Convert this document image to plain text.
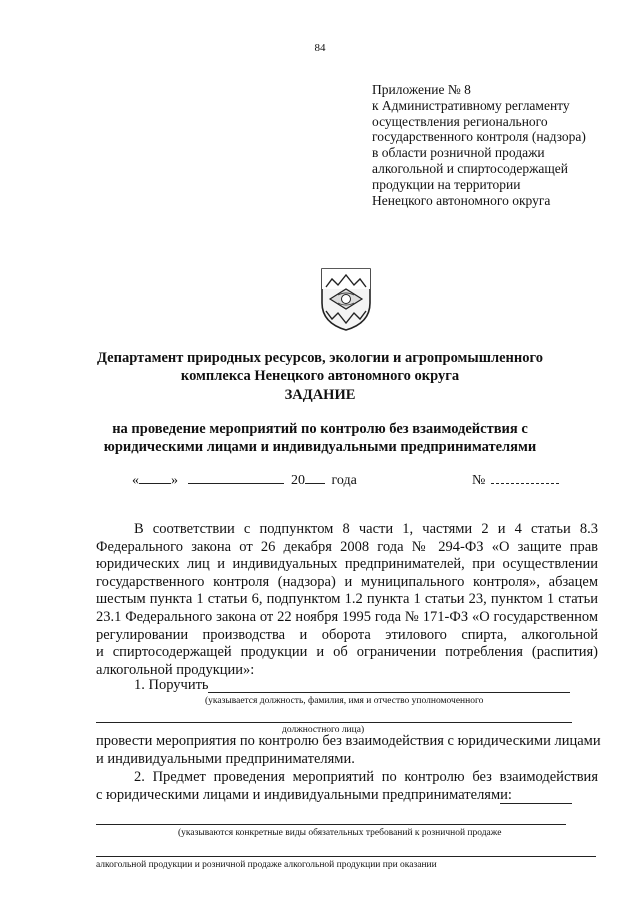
84
Приложение № 8
к Административному регламенту
осуществления регионального
государственного контроля (надзора)
в области розничной продажи
алкогольной и спиртосодержащей
продукции на территории
Ненецкого автономного округа
Департамент природных ресурсов, экологии и агропромышленного
комплекса Ненецкого автономного округа
ЗАДАНИЕ
на проведение мероприятий по контролю без взаимодействия с
юридическими лицами и индивидуальными предпринимателями
« »	20 года	№
В соответствии с подпунктом 8 части 1, частями 2 и 4 статьи 8.3
Федерального закона от 26 декабря 2008 года № 294-ФЗ «О защите прав
юридических лиц и индивидуальных предпринимателей, при осуществлении
государственного контроля (надзора) и муниципального контроля», абзацем
шестым пункта 1 статьи 6, подпунктом 1.2 пункта 1 статьи 23, пунктом 1 статьи
23.1 Федерального закона от 22 ноября 1995 года № 171-ФЗ «О государственном
регулировании производства и оборота этилового спирта, алкогольной
и спиртосодержащей продукции и об ограничении потребления (распития)
алкогольной продукции»:
1. Поручить
(указывается должность, фамилия, имя и отчество уполномоченного
должностного лица)
провести мероприятия по контролю без взаимодействия с юридическими лицами
и индивидуальными предпринимателями.
2. Предмет проведения мероприятий по контролю без взаимодействия
с юридическими лицами и индивидуальными предпринимателями:
(указываются конкретные виды обязательных требований к розничной продаже
алкогольной продукции и розничной продаже алкогольной продукции при оказании
